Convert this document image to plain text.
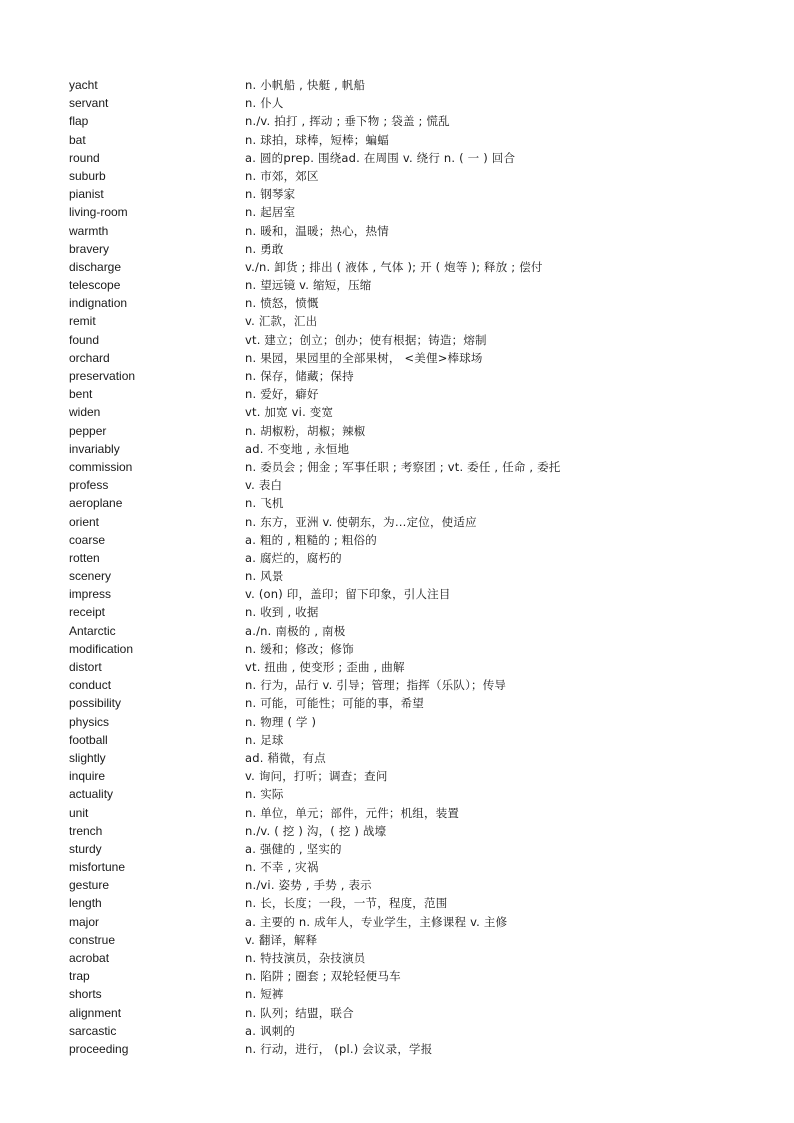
yacht	n. 小帆船 , 快艇 , 帆船
servant	n. 仆人
flap	n./v. 拍打 , 挥动 ; 垂下物 ; 袋盖 ; 慌乱
bat	n. 球拍，球棒，短棒；蝙蝠
round	a. 圆的prep. 围绕ad. 在周围 v. 绕行 n. ( 一 ) 回合
suburb	n. 市郊，郊区
pianist	n. 钢琴家
living-room	n. 起居室
warmth	n. 暖和，温暖；热心，热情
bravery	n. 勇敢
discharge	v./n. 卸货 ; 排出 ( 液体 , 气体 ); 开 ( 炮等 ); 释放 ; 偿付
telescope	n. 望远镜 v. 缩短，压缩
indignation	n. 愤怒，愤慨
remit	v. 汇款，汇出
found	vt. 建立；创立；创办；使有根据；铸造；熔制
orchard	n. 果园，果园里的全部果树， <美俚>棒球场
preservation	n. 保存，储藏；保持
bent	n. 爱好，癖好
widen	vt. 加宽 vi. 变宽
pepper	n. 胡椒粉，胡椒；辣椒
invariably	ad. 不变地 , 永恒地
commission	n. 委员会 ; 佣金 ; 军事任职 ; 考察团 ; vt. 委任 , 任命 , 委托
profess	v. 表白
aeroplane	n. 飞机
orient	n. 东方，亚洲 v. 使朝东，为…定位，使适应
coarse	a. 粗的 , 粗糙的 ; 粗俗的
rotten	a. 腐烂的，腐朽的
scenery	n. 风景
impress	v. (on) 印，盖印；留下印象，引人注目
receipt	n. 收到 , 收据
Antarctic	a./n. 南极的 , 南极
modification	n. 缓和；修改；修饰
distort	vt. 扭曲 , 使变形 ; 歪曲 , 曲解
conduct	n. 行为，品行 v. 引导；管理；指挥（乐队）；传导
possibility	n. 可能，可能性；可能的事，希望
physics	n. 物理 ( 学 )
football	n. 足球
slightly	ad. 稍微，有点
inquire	v. 询问，打听；调查；查问
actuality	n. 实际
unit	n. 单位，单元；部件，元件；机组，装置
trench	n./v. ( 挖 ) 沟，( 挖 ) 战壕
sturdy	a. 强健的 , 坚实的
misfortune	n. 不幸 , 灾祸
gesture	n./vi. 姿势 , 手势 , 表示
length	n. 长，长度；一段，一节，程度，范围
major	a. 主要的 n. 成年人，专业学生，主修课程 v. 主修
construe	v. 翻译，解释
acrobat	n. 特技演员，杂技演员
trap	n. 陷阱 ; 圈套 ; 双轮轻便马车
shorts	n. 短裤
alignment	n. 队列；结盟，联合
sarcastic	a. 讽刺的
proceeding	n. 行动，进行， (pl.) 会议录，学报
